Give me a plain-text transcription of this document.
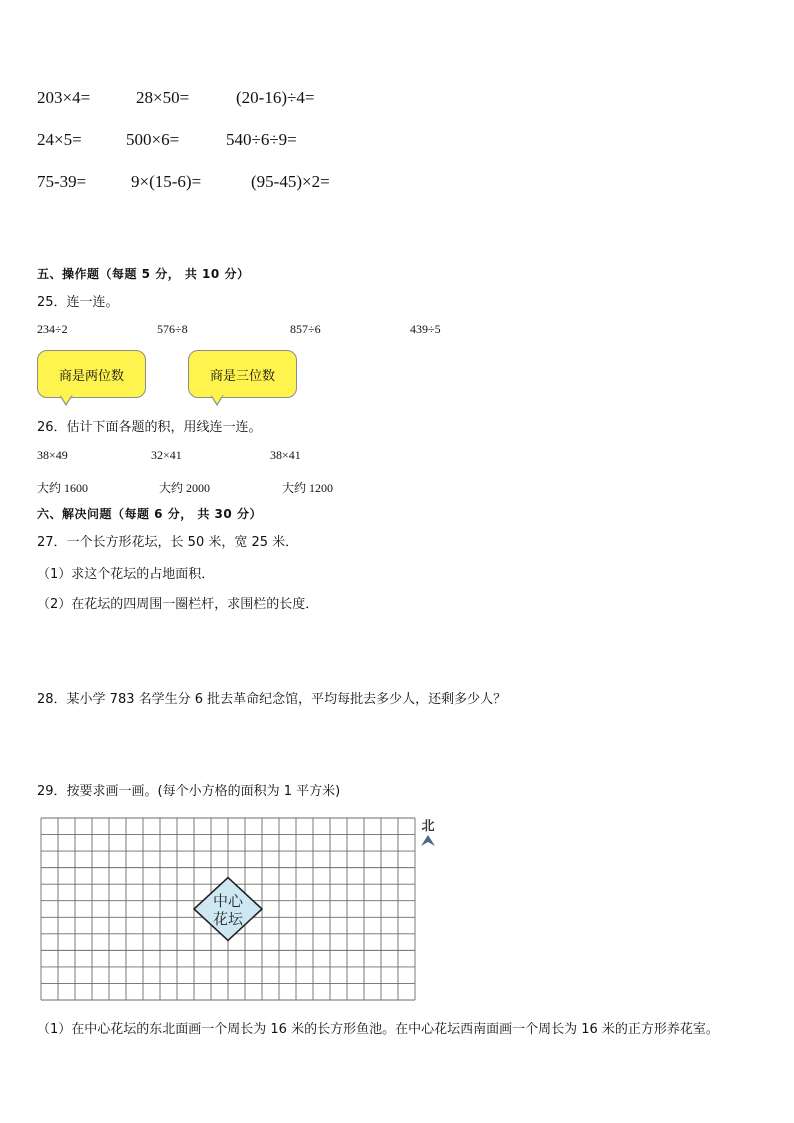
203×4=	28×50=	(20-16)÷4=
24×5=	500×6=	540÷6÷9=
75-39=	9×(15-6)=	(95-45)×2=
五、操作题（每题 5 分， 共 10 分）
25．连一连。
234÷2	576÷8	857÷6	439÷5
商是两位数	商是三位数
26．估计下面各题的积，用线连一连。
38×49	32×41	38×41
大约 1600	大约 2000	大约 1200
六、解决问题（每题 6 分， 共 30 分）
27．一个长方形花坛，长 50 米，宽 25 米．
（1）求这个花坛的占地面积．
（2）在花坛的四周围一圈栏杆，求围栏的长度．
28．某小学 783 名学生分 6 批去革命纪念馆，平均每批去多少人，还剩多少人？
29．按要求画一画。(每个小方格的面积为 1 平方米)
中心
花坛
北
（1）在中心花坛的东北面画一个周长为 16 米的长方形鱼池。在中心花坛西南面画一个周长为 16 米的正方形养花室。
